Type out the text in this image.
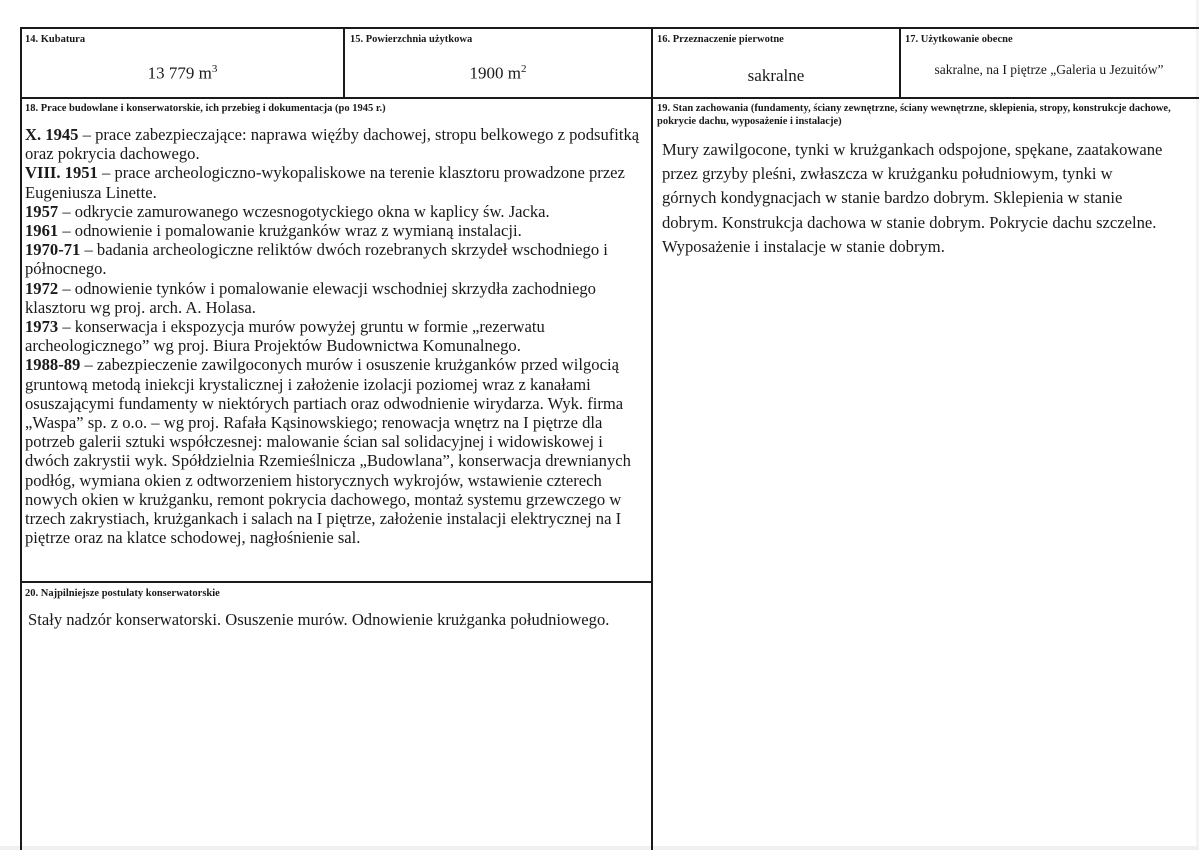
14. Kubatura
13 779 $m^3$
15. Powierzchnia użytkowa
1900 $m^2$
16. Przeznaczenie pierwotne
sakralne
17. Użytkowanie obecne
sakralne, na I piętrze „Galeria u Jezuitów”
18. Prace budowlane i konserwatorskie, ich przebieg i dokumentacja (po 1945 r.)

X. 1945 – prace zabezpieczające: naprawa więźby dachowej, stropu belkowego z podsufitką oraz pokrycia dachowego.

VIII. 1951 – prace archeologiczno-wykopaliskowe na terenie klasztoru prowadzone przez Eugeniusza Linette.

1957 – odkrycie zamurowanego wczesnogotyckiego okna w kaplicy św. Jacka.

1961 – odnowienie i pomalowanie krużganków wraz z wymianą instalacji.

1970-71 – badania archeologiczne reliktów dwóch rozebranych skrzydeł wschodniego i północnego.

1972 – odnowienie tynków i pomalowanie elewacji wschodniej skrzydła zachodniego klasztoru wg proj. arch. A. Holasa.

1973 – konserwacja i ekspozycja murów powyżej gruntu w formie „rezerwatu archeologicznego” wg proj. Biura Projektów Budownictwa Komunalnego.

1988-89 – zabezpieczenie zawilgoconych murów i osuszenie krużganków przed wilgocią gruntową metodą iniekcji krystalicznej i założenie izolacji poziomej wraz z kanałami osuszającymi fundamenty w niektórych partiach oraz odwodnienie wirydarza. Wyk. firma „Waspa” sp. z o.o. – wg proj. Rafała Kąsinowskiego; renowacja wnętrz na I piętrze dla potrzeb galerii sztuki współczesnej: malowanie ścian sal solidacyjnej i widowiskowej i dwóch zakrystii wyk. Spółdzielnia Rzemieślnicza „Budowlana”, konserwacja drewnianych podłóg, wymiana okien z odtworzeniem historycznych wykrojów, wstawienie czterech nowych okien w krużganku, remont pokrycia dachowego, montaż systemu grzewczego w trzech zakrystiach, krużgankach i salach na I piętrze, założenie instalacji elektrycznej na I piętrze oraz na klatce schodowej, nagłośnienie sal.

19. Stan zachowania (fundamenty, ściany zewnętrzne, ściany wewnętrzne, sklepienia, stropy, konstrukcje dachowe, pokrycie dachu, wyposażenie i instalacje)
Mury zawilgocone, tynki w krużgankach odspojone, spękane, zaatakowane przez grzyby pleśni, zwłaszcza w krużganku południowym, tynki w górnych kondygnacjach w stanie bardzo dobrym. Sklepienia w stanie dobrym. Konstrukcja dachowa w stanie dobrym. Pokrycie dachu szczelne. Wyposażenie i instalacje w stanie dobrym.
20. Najpilniejsze postulaty konserwatorskie
Stały nadzór konserwatorski. Osuszenie murów. Odnowienie krużganka południowego.
